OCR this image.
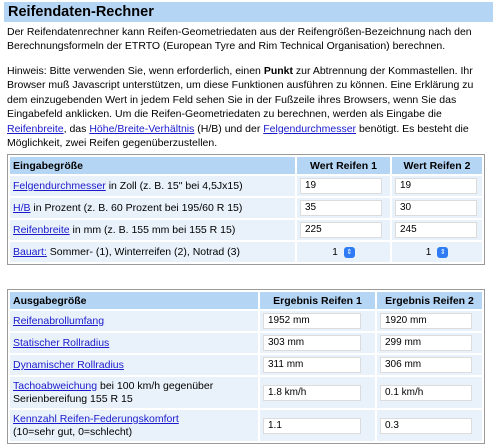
Reifendaten-Rechner

Der Reifendatenrechner kann Reifen-Geometriedaten aus der Reifengrößen-Bezeichnung nach den Berechnungsformeln der ETRTO (European Tyre and Rim Technical Organisation) berechnen.

Hinweis: Bitte verwenden Sie, wenn erforderlich, einen Punkt zur Abtrennung der Kommastellen. Ihr Browser muß Javascript unterstützen, um diese Funktionen ausführen zu können. Eine Erklärung zu dem einzugebenden Wert in jedem Feld sehen Sie in der Fußzeile ihres Browsers, wenn Sie das Eingabefeld anklicken. Um die Reifen-Geometriedaten zu berechnen, werden als Eingabe die Reifenbreite, das Höhe/Breite-Verhältnis (H/B) und der Felgendurchmesser benötigt. Es besteht die Möglichkeit, zwei Reifen gegenüberzustellen.

Eingabegröße	Wert Reifen 1	Wert Reifen 2
Felgendurchmesser in Zoll (z. B. 15" bei 4,5Jx15)	19	19
H/B in Prozent (z. B. 60 Prozent bei 195/60 R 15)	35	30
Reifenbreite in mm (z. B. 155 mm bei 155 R 15)	225	245
Bauart: Sommer- (1), Winterreifen (2), Notrad (3)	1 ⇕	1 ⇕
Ausgabegröße	Ergebnis Reifen 1	Ergebnis Reifen 2
Reifenabrollumfang	1952 mm	1920 mm
Statischer Rollradius	303 mm	299 mm
Dynamischer Rollradius	311 mm	306 mm
Tachoabweichung bei 100 km/h gegenüber Serienbereifung 155 R 15	1.8 km/h	0.1 km/h
Kennzahl Reifen-Federungskomfort
(10=sehr gut, 0=schlecht)	1.1	0.3
